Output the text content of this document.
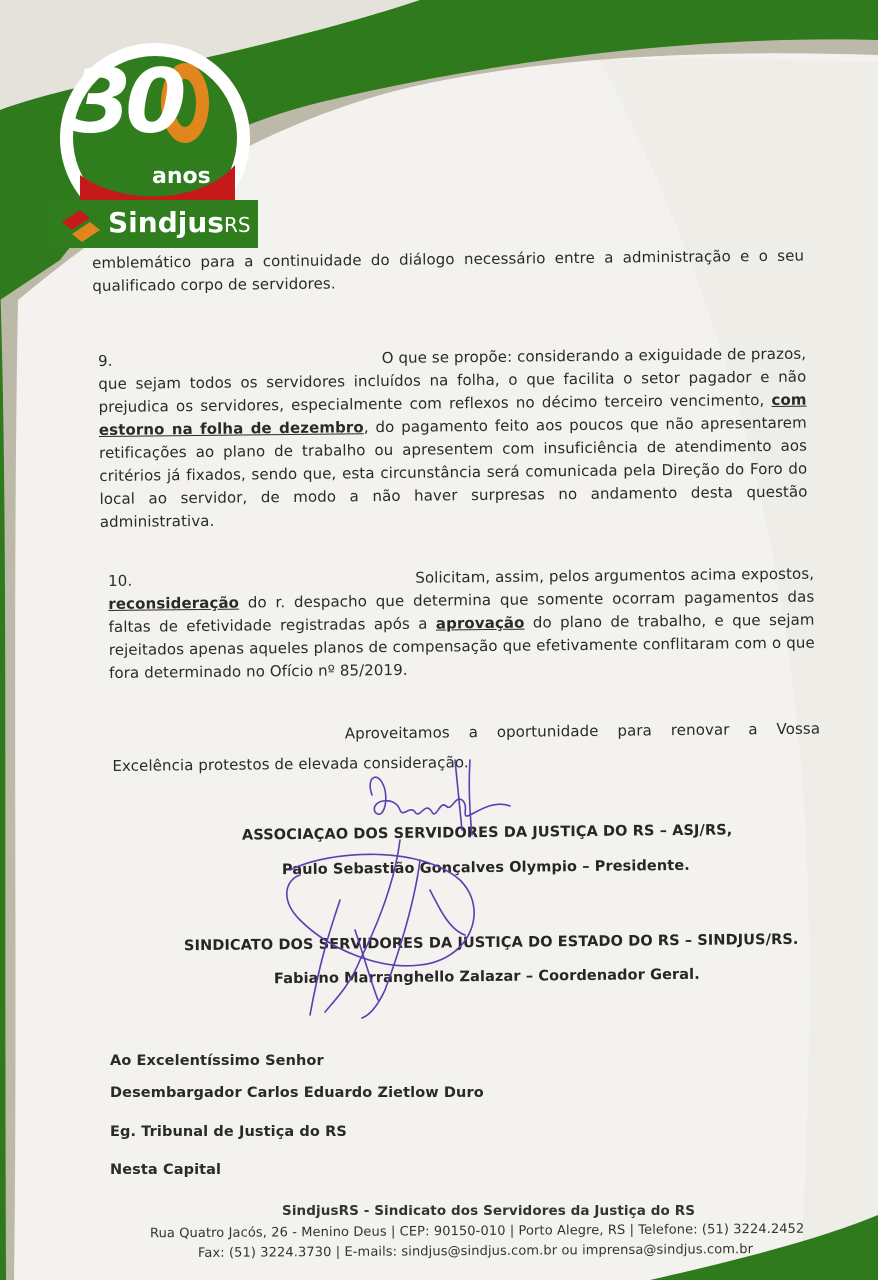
30
anos
SindjusRS

emblemático para a continuidade do diálogo necessário entre a administração e o seu

qualificado corpo de servidores.

9.	O que se propõe: considerando a exiguidade de prazos,

que sejam todos os servidores incluídos na folha, o que facilita o setor pagador e não prejudica os servidores, especialmente com reflexos no décimo terceiro vencimento, com estorno na folha de dezembro, do pagamento feito aos poucos que não apresentarem retificações ao plano de trabalho ou apresentem com insuficiência de atendimento aos critérios já fixados, sendo que, esta circunstância será comunicada pela Direção do Foro do local ao servidor, de modo a não haver surpresas no andamento desta questão administrativa.

10.	Solicitam, assim, pelos argumentos acima expostos,

reconsideração do r. despacho que determina que somente ocorram pagamentos das faltas de efetividade registradas após a aprovação do plano de trabalho, e que sejam rejeitados apenas aqueles planos de compensação que efetivamente conflitaram com o que fora determinado no Ofício nº 85/2019.

Aproveitamos a oportunidade para renovar a Vossa

Excelência protestos de elevada consideração.

ASSOCIAÇAO DOS SERVIDORES DA JUSTIÇA DO RS – ASJ/RS,
Paulo Sebastião Gonçalves Olympio – Presidente.
SINDICATO DOS SERVIDORES DA JUSTIÇA DO ESTADO DO RS – SINDJUS/RS.
Fabiano Marranghello Zalazar – Coordenador Geral.
Ao Excelentíssimo Senhor
Desembargador Carlos Eduardo Zietlow Duro
Eg. Tribunal de Justiça do RS
Nesta Capital
SindjusRS - Sindicato dos Servidores da Justiça do RS
Rua Quatro Jacós, 26 - Menino Deus | CEP: 90150-010 | Porto Alegre, RS | Telefone: (51) 3224.2452
Fax: (51) 3224.3730 | E-mails: sindjus@sindjus.com.br ou imprensa@sindjus.com.br
